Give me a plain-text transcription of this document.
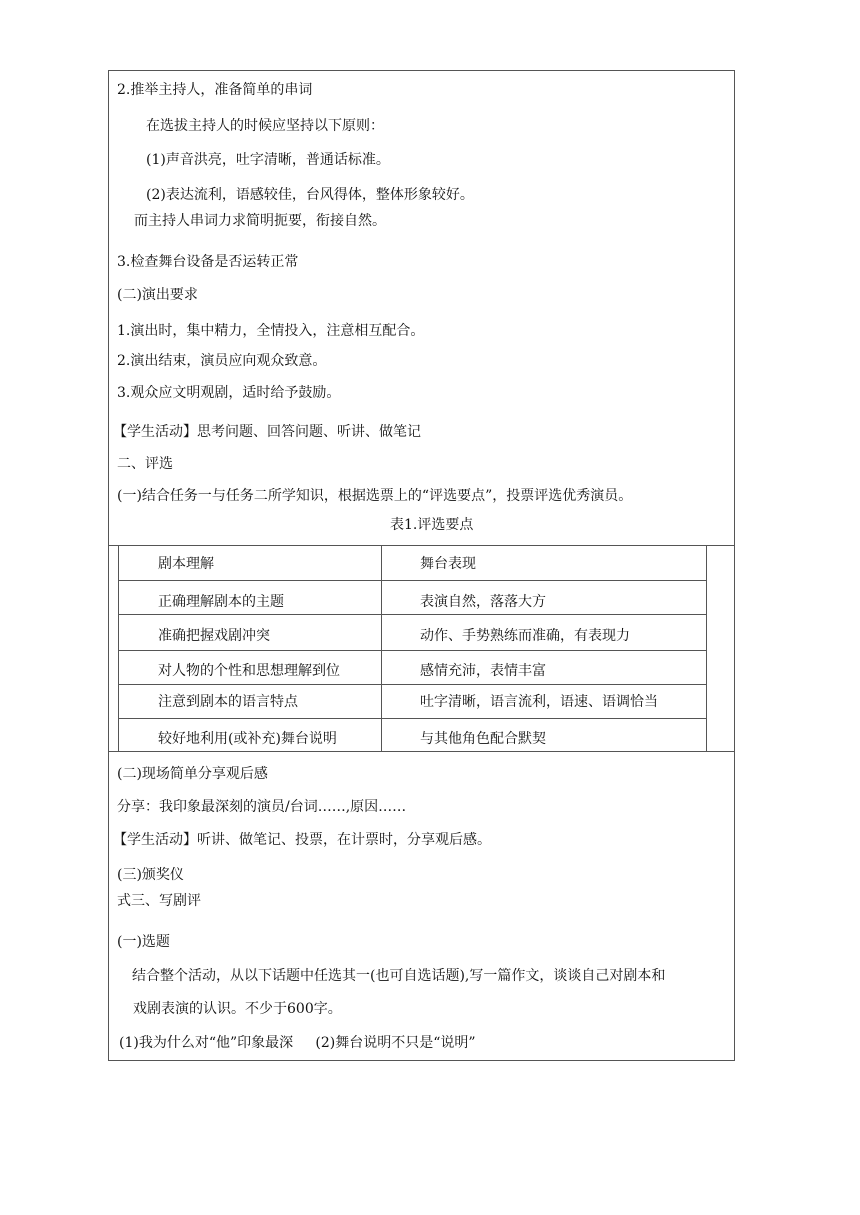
2.推举主持人，准备简单的串词
在选拔主持人的时候应坚持以下原则：
(1)声音洪亮，吐字清晰，普通话标准。
(2)表达流利，语感较佳，台风得体，整体形象较好。
而主持人串词力求简明扼要，衔接自然。
3.检查舞台设备是否运转正常
(二)演出要求
1.演出时，集中精力，全情投入，注意相互配合。
2.演出结束，演员应向观众致意。
3.观众应文明观剧，适时给予鼓励。
【学生活动】思考问题、回答问题、听讲、做笔记
二、评选
(一)结合任务一与任务二所学知识，根据选票上的“评选要点”，投票评选优秀演员。
表1.评选要点
剧本理解	舞台表现
正确理解剧本的主题	表演自然，落落大方
准确把握戏剧冲突	动作、手势熟练而准确，有表现力
对人物的个性和思想理解到位	感情充沛，表情丰富
注意到剧本的语言特点	吐字清晰，语言流利，语速、语调恰当
较好地利用(或补充)舞台说明	与其他角色配合默契
(二)现场简单分享观后感
分享：我印象最深刻的演员/台词……,原因……
【学生活动】听讲、做笔记、投票，在计票时，分享观后感。
(三)颁奖仪
式三、写剧评
(一)选题
结合整个活动，从以下话题中任选其一(也可自选话题),写一篇作文，谈谈自己对剧本和
戏剧表演的认识。不少于600字。
(1)我为什么对“他”印象最深     (2)舞台说明不只是“说明”
